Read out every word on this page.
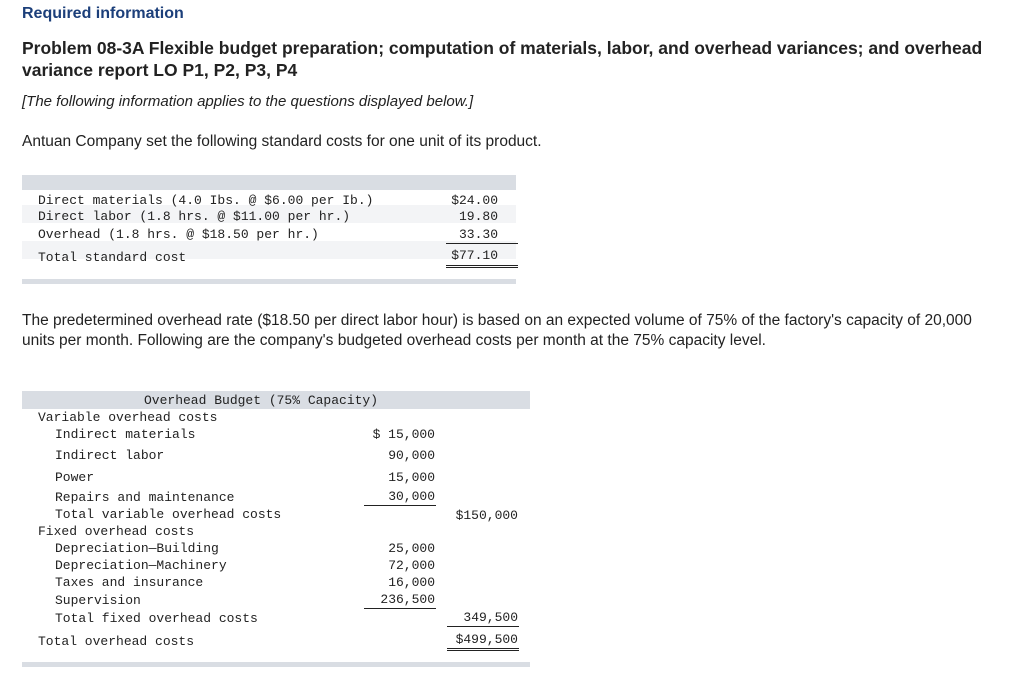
Required information
Problem 08-3A Flexible budget preparation; computation of materials, labor, and overhead variances; and overhead variance report LO P1, P2, P3, P4
[The following information applies to the questions displayed below.]
Antuan Company set the following standard costs for one unit of its product.
Direct materials (4.0 Ibs. @ $6.00 per Ib.)	$24.00
Direct labor (1.8 hrs. @ $11.00 per hr.)	19.80
Overhead (1.8 hrs. @ $18.50 per hr.)	33.30
Total standard cost	$77.10
The predetermined overhead rate ($18.50 per direct labor hour) is based on an expected volume of 75% of the factory's capacity of 20,000 units per month. Following are the company's budgeted overhead costs per month at the 75% capacity level.
Overhead Budget (75% Capacity)
Variable overhead costs
Indirect materials	$ 15,000
Indirect labor	90,000
Power	15,000
Repairs and maintenance	30,000
Total variable overhead costs	$150,000
Fixed overhead costs
Depreciation—Building	25,000
Depreciation—Machinery	72,000
Taxes and insurance	16,000
Supervision	236,500
Total fixed overhead costs	349,500
Total overhead costs	$499,500
